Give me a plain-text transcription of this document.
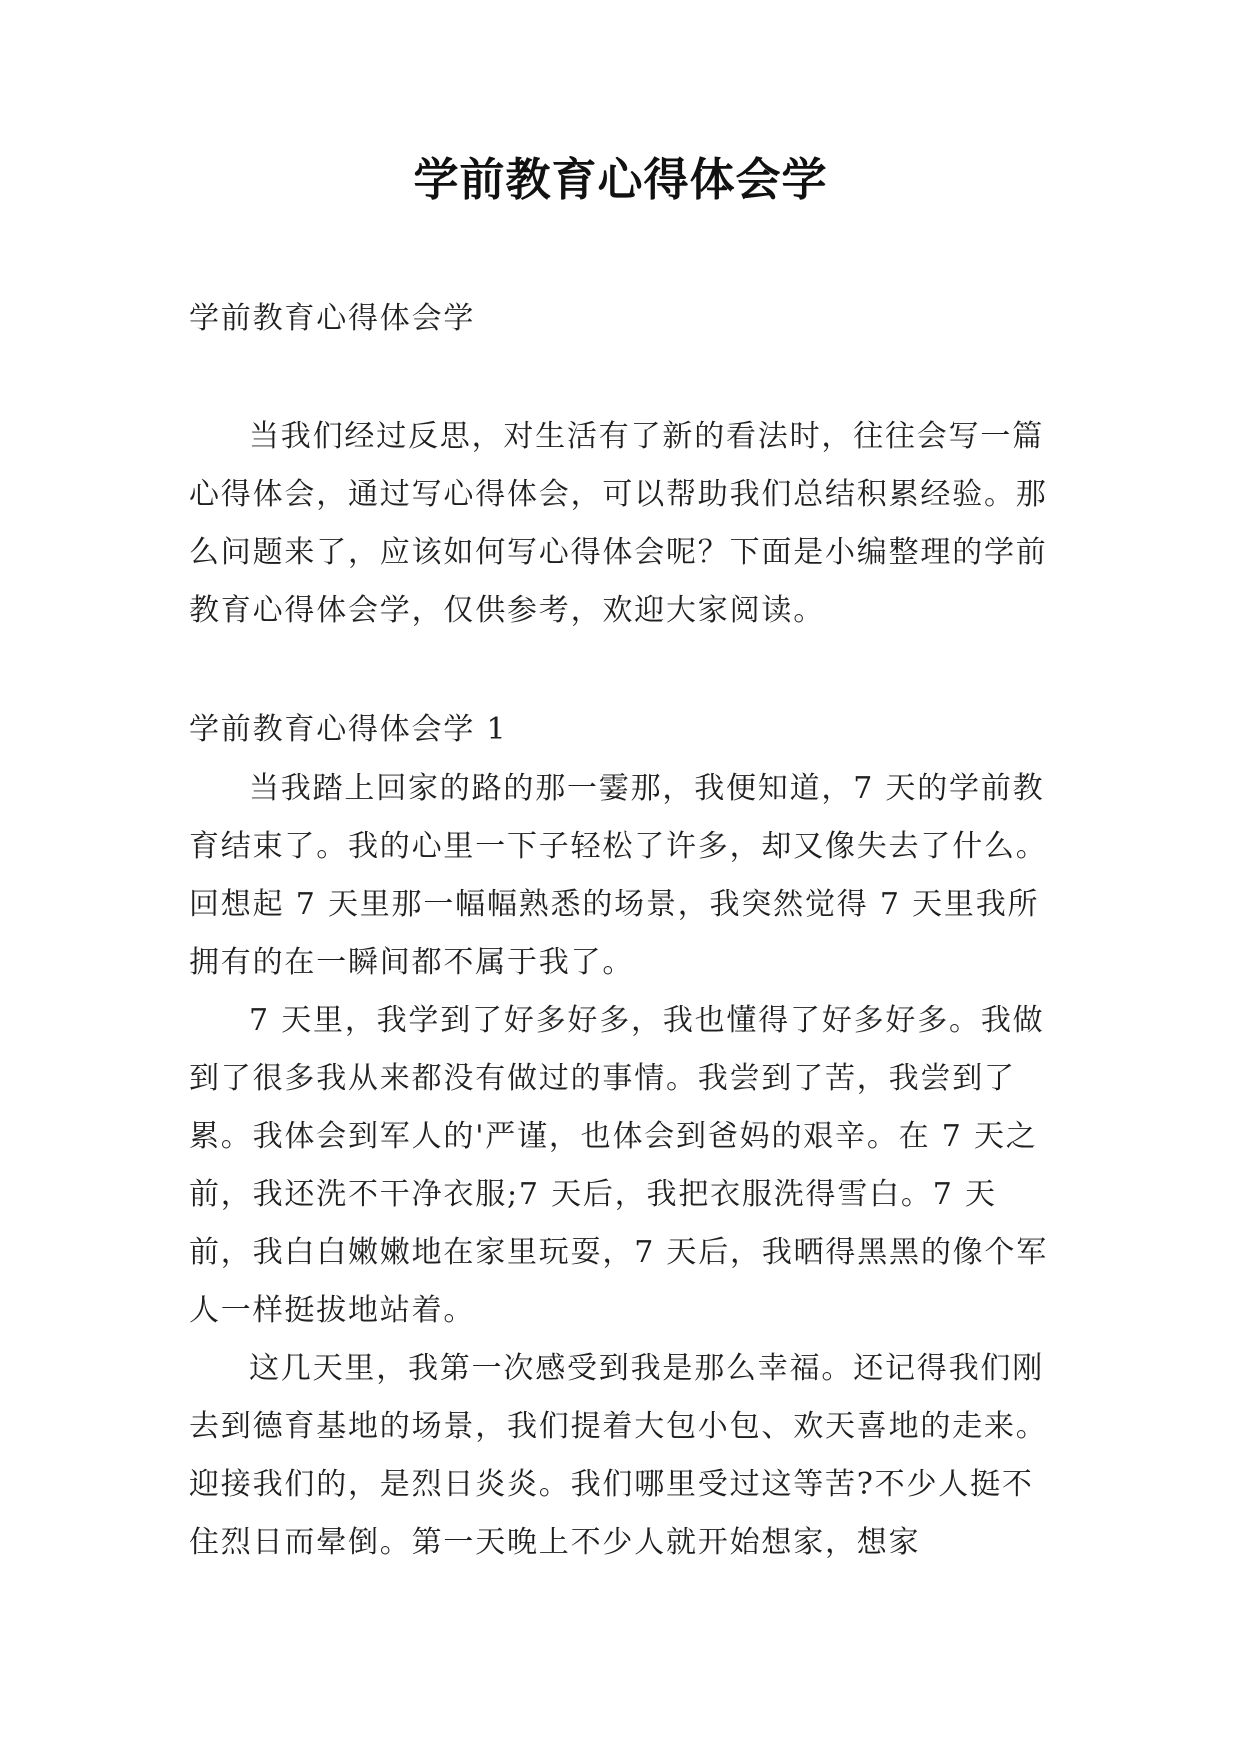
学前教育心得体会学
学前教育心得体会学

当我们经过反思，对生活有了新的看法时，往往会写一篇心得体会，通过写心得体会，可以帮助我们总结积累经验。那么问题来了，应该如何写心得体会呢？下面是小编整理的学前教育心得体会学，仅供参考，欢迎大家阅读。

学前教育心得体会学 1

当我踏上回家的路的那一霎那，我便知道，7 天的学前教育结束了。我的心里一下子轻松了许多，却又像失去了什么。回想起 7 天里那一幅幅熟悉的场景，我突然觉得 7 天里我所拥有的在一瞬间都不属于我了。

7 天里，我学到了好多好多，我也懂得了好多好多。我做到了很多我从来都没有做过的事情。我尝到了苦，我尝到了累。我体会到军人的'严谨，也体会到爸妈的艰辛。在 7 天之前，我还洗不干净衣服;7 天后，我把衣服洗得雪白。7 天前，我白白嫩嫩地在家里玩耍，7 天后，我晒得黑黑的像个军人一样挺拔地站着。

这几天里，我第一次感受到我是那么幸福。还记得我们刚去到德育基地的场景，我们提着大包小包、欢天喜地的走来。迎接我们的，是烈日炎炎。我们哪里受过这等苦?不少人挺不住烈日而晕倒。第一天晚上不少人就开始想家，想家
